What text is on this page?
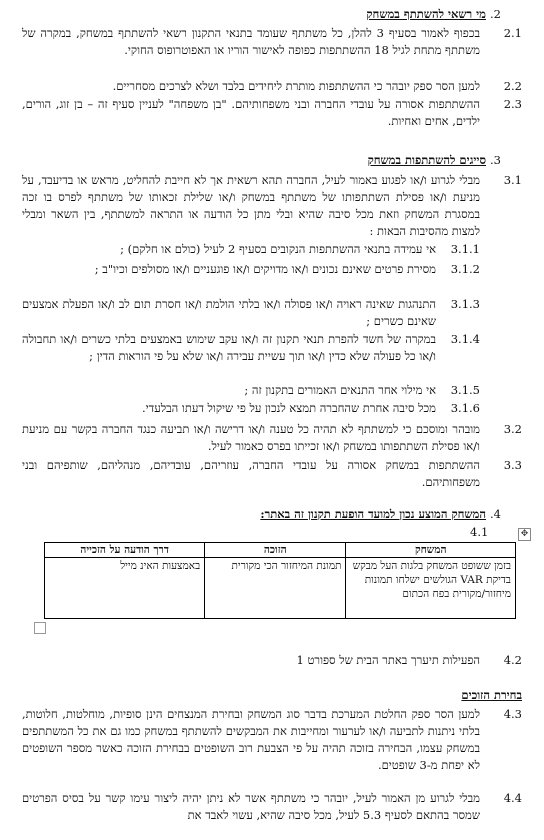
2. מי רשאי להשתתף במשחק
2.1
בכפוף לאמור בסעיף 3 להלן, כל משתתף שעומד בתנאי התקנון רשאי להשתתף במשחק, במקרה של משתתף מתחת לגיל 18 ההשתתפות כפופה לאישור הוריו או האפוטרופוס החוקי.
2.2
למען הסר ספק יובהר כי ההשתתפות מותרת ליחידים בלבד ושלא לצרכים מסחריים.
2.3
ההשתתפות אסורה על עובדי החברה ובני משפחותיהם. "בן משפחה" לעניין סעיף זה – בן זוג, הורים, ילדים, אחים ואחיות.
3. סייגים להשתתפות במשחק
3.1
מבלי לגרוע ו/או לפגוע באמור לעיל, החברה תהא רשאית אך לא חייבת להחליט, מראש או בדיעבד, על מניעת ו/או פסילת השתתפותו של משתתף במשחק ו/או שלילת זכאותו של משתתף לפרס בו זכה במסגרת המשחק וזאת מכל סיבה שהיא ובלי מתן כל הודעה או התראה למשתתף, בין השאר ומבלי למצות מהסיבות הבאות :
3.1.1
אי עמידה בתנאי ההשתתפות הנקובים בסעיף 2 לעיל (כולם או חלקם) ;
3.1.2
מסירת פרטים שאינם נכונים ו/או מדויקים ו/או פוגעניים ו/או מסולפים וכיו"ב ;
3.1.3
התנהגות שאינה ראויה ו/או פסולה ו/או בלתי הולמת ו/או חסרת תום לב ו/או הפעלת אמצעים שאינם כשרים ;
3.1.4
במקרה של חשד להפרת תנאי תקנון זה ו/או עקב שימוש באמצעים בלתי כשרים ו/או תחבולה ו/או כל פעולה שלא כדין ו/או תוך עשיית עבירה ו/או שלא על פי הוראות הדין ;
3.1.5
אי מילוי אחר התנאים האמורים בתקנון זה ;
3.1.6
מכל סיבה אחרת שהחברה תמצא לנכון על פי שיקול דעתו הבלעדי.
3.2
מובהר ומוסכם כי למשתתף לא תהיה כל טענה ו/או דרישה ו/או תביעה כנגד החברה בקשר עם מניעת ו/או פסילת השתתפותו במשחק ו/או זכייתו בפרס כאמור לעיל.
3.3
ההשתתפות במשחק אסורה על עובדי החברה, עוזריהם, עובדיהם, מנהליהם, שותפיהם ובני משפחותיהם.
4. המשחק המוצע נכון למועד הופעת תקנון זה באתר:
4.1	✥
המשחק	הזוכה	דרך הודעה על הזכייה
בזמן ששופט המשחק בלגות העל מבקש בדיקת VAR הגולשים ישלחו תמונות מיחזור/מקורית בפח הכתום	תמונת המיחזור הכי מקורית	באמצעות האינ מייל
4.2
הפעילות תיערך באתר הבית של ספורט 1
בחירת הזוכים
4.3
למען הסר ספק החלטת המערכת בדבר סוג המשחק ובחירת המנצחים הינן סופיות, מוחלטות, חלוטות, בלתי ניתנות לתביעה ו/או לערעור ומחייבות את המבקשים להשתתף במשחק כמו גם את כל המשתתפים במשחק עצמו, הבחירה בזוכה תהיה על פי הצבעת רוב השופטים בבחירת הזוכה כאשר מספר השופטים לא יפחת מ-3 שופטים.
4.4
מבלי לגרוע מן האמור לעיל, יובהר כי משתתף אשר לא ניתן יהיה ליצור עימו קשר על בסיס הפרטים שמסר בהתאם לסעיף 5.3 לעיל, מכל סיבה שהיא, עשוי לאבד את
